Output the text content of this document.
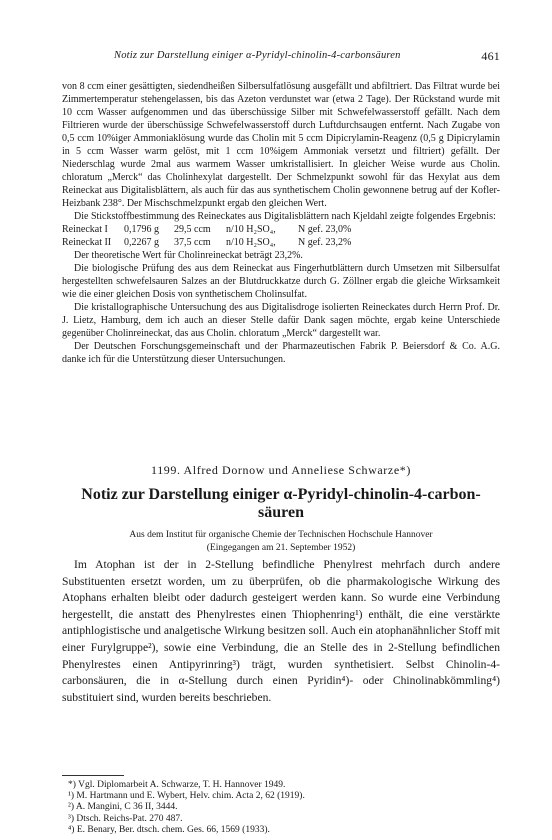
Notiz zur Darstellung einiger α-Pyridyl-chinolin-4-carbonsäuren	461

von 8 ccm einer gesättigten, siedendheißen Silbersulfatlösung ausgefällt und abfiltriert. Das Filtrat wurde bei Zimmertemperatur stehengelassen, bis das Azeton verdunstet war (etwa 2 Tage). Der Rückstand wurde mit 10 ccm Wasser aufgenommen und das überschüssige Silber mit Schwefelwasserstoff gefällt. Nach dem Filtrieren wurde der überschüssige Schwefelwasserstoff durch Luftdurchsaugen entfernt. Nach Zugabe von 0,5 ccm 10%iger Ammoniaklösung wurde das Cholin mit 5 ccm Dipicrylamin-Reagenz (0,5 g Dipicrylamin in 5 ccm Wasser warm gelöst, mit 1 ccm 10%igem Ammoniak versetzt und filtriert) gefällt. Der Niederschlag wurde 2mal aus warmem Wasser umkristallisiert. In gleicher Weise wurde aus Cholin. chloratum „Merck“ das Cholinhexylat dargestellt. Der Schmelzpunkt sowohl für das Hexylat aus dem Reineckat aus Digitalisblättern, als auch für das aus synthetischem Cholin gewonnene betrug auf der Kofler-Heizbank 238°. Der Mischschmelzpunkt ergab den gleichen Wert.

Die Stickstoffbestimmung des Reineckates aus Digitalisblättern nach Kjeldahl zeigte folgendes Ergebnis:

Reineckat I	0,1796 g	29,5 ccm	n/10 H₂SO₄,	N gef. 23,0%
Reineckat II	0,2267 g	37,5 ccm	n/10 H₂SO₄,	N gef. 23,2%

Der theoretische Wert für Cholinreineckat beträgt 23,2%.

Die biologische Prüfung des aus dem Reineckat aus Fingerhutblättern durch Umsetzen mit Silbersulfat hergestellten schwefelsauren Salzes an der Blutdruckkatze durch G. Zöllner ergab die gleiche Wirksamkeit wie die einer gleichen Dosis von synthetischem Cholinsulfat.

Die kristallographische Untersuchung des aus Digitalisdroge isolierten Reineckates durch Herrn Prof. Dr. J. Lietz, Hamburg, dem ich auch an dieser Stelle dafür Dank sagen möchte, ergab keine Unterschiede gegenüber Cholinreineckat, das aus Cholin. chloratum „Merck“ dargestellt war.

Der Deutschen Forschungsgemeinschaft und der Pharmazeutischen Fabrik P. Beiersdorf & Co. A.G. danke ich für die Unterstützung dieser Untersuchungen.

1199. Alfred Dornow und Anneliese Schwarze*)
Notiz zur Darstellung einiger α-Pyridyl-chinolin-4-carbon-
säuren
Aus dem Institut für organische Chemie der Technischen Hochschule Hannover
(Eingegangen am 21. September 1952)

Im Atophan ist der in 2-Stellung befindliche Phenylrest mehrfach durch andere Substituenten ersetzt worden, um zu überprüfen, ob die pharmakologische Wirkung des Atophans erhalten bleibt oder dadurch gesteigert werden kann. So wurde eine Verbindung hergestellt, die anstatt des Phenylrestes einen Thiophenring¹) enthält, die eine verstärkte antiphlogistische und analgetische Wirkung besitzen soll. Auch ein atophanähnlicher Stoff mit einer Furylgruppe²), sowie eine Verbindung, die an Stelle des in 2-Stellung befindlichen Phenylrestes einen Antipyrinring³) trägt, wurden synthetisiert. Selbst Chinolin-4-carbonsäuren, die in α-Stellung durch einen Pyridin⁴)- oder Chinolinabkömmling⁴) substituiert sind, wurden bereits beschrieben.

*) Vgl. Diplomarbeit A. Schwarze, T. H. Hannover 1949.
¹) M. Hartmann und E. Wybert, Helv. chim. Acta 2, 62 (1919).
²) A. Mangini, C 36 II, 3444.
³) Dtsch. Reichs-Pat. 270 487.
⁴) E. Benary, Ber. dtsch. chem. Ges. 66, 1569 (1933).
